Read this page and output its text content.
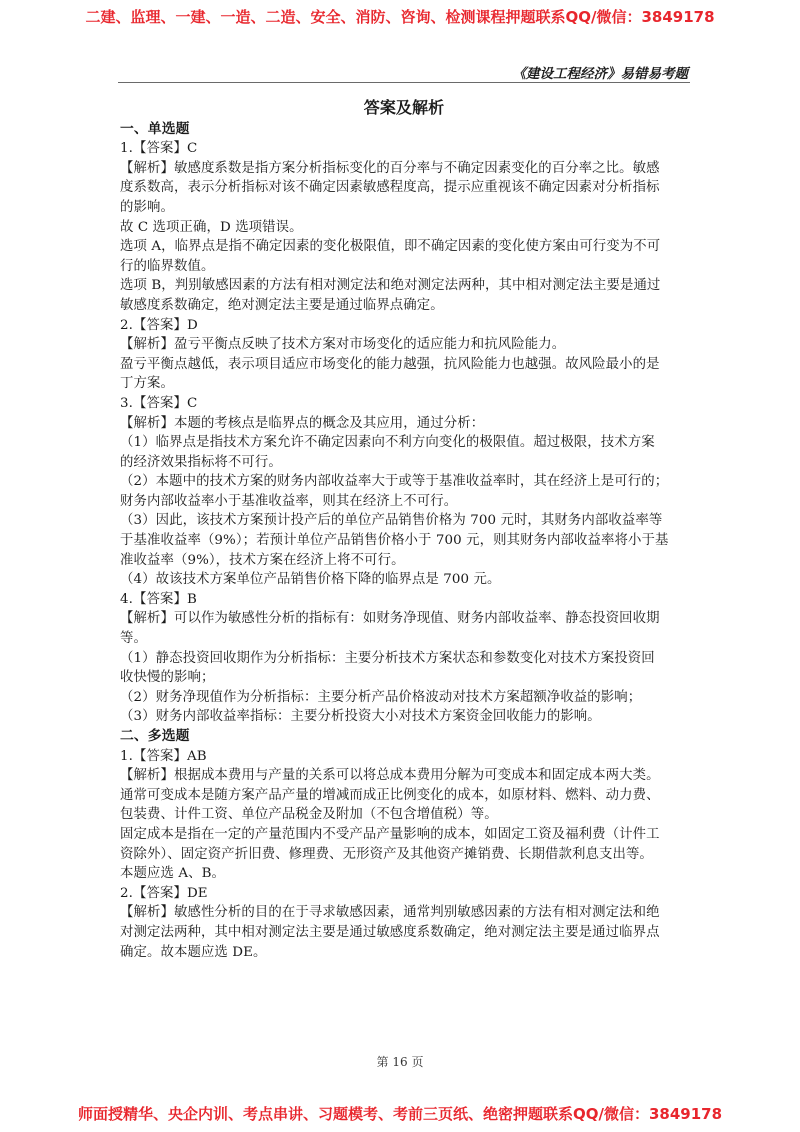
二建、监理、一建、一造、二造、安全、消防、咨询、检测课程押题联系QQ/微信：3849178
《建设工程经济》易错易考题
答案及解析
一、单选题
1.【答案】C
【解析】敏感度系数是指方案分析指标变化的百分率与不确定因素变化的百分率之比。敏感
度系数高，表示分析指标对该不确定因素敏感程度高，提示应重视该不确定因素对分析指标
的影响。
故 C 选项正确，D 选项错误。
选项 A，临界点是指不确定因素的变化极限值，即不确定因素的变化使方案由可行变为不可
行的临界数值。
选项 B，判别敏感因素的方法有相对测定法和绝对测定法两种，其中相对测定法主要是通过
敏感度系数确定，绝对测定法主要是通过临界点确定。
2.【答案】D
【解析】盈亏平衡点反映了技术方案对市场变化的适应能力和抗风险能力。
盈亏平衡点越低，表示项目适应市场变化的能力越强，抗风险能力也越强。故风险最小的是
丁方案。
3.【答案】C
【解析】本题的考核点是临界点的概念及其应用，通过分析：
（1）临界点是指技术方案允许不确定因素向不利方向变化的极限值。超过极限，技术方案
的经济效果指标将不可行。
（2）本题中的技术方案的财务内部收益率大于或等于基准收益率时，其在经济上是可行的；
财务内部收益率小于基准收益率，则其在经济上不可行。
（3）因此，该技术方案预计投产后的单位产品销售价格为 700 元时，其财务内部收益率等
于基准收益率（9%）；若预计单位产品销售价格小于 700 元，则其财务内部收益率将小于基
准收益率（9%），技术方案在经济上将不可行。
（4）故该技术方案单位产品销售价格下降的临界点是 700 元。
4.【答案】B
【解析】可以作为敏感性分析的指标有：如财务净现值、财务内部收益率、静态投资回收期
等。
（1）静态投资回收期作为分析指标：主要分析技术方案状态和参数变化对技术方案投资回
收快慢的影响；
（2）财务净现值作为分析指标：主要分析产品价格波动对技术方案超额净收益的影响；
（3）财务内部收益率指标：主要分析投资大小对技术方案资金回收能力的影响。
二、多选题
1.【答案】AB
【解析】根据成本费用与产量的关系可以将总成本费用分解为可变成本和固定成本两大类。
通常可变成本是随方案产品产量的增减而成正比例变化的成本，如原材料、燃料、动力费、
包装费、计件工资、单位产品税金及附加（不包含增值税）等。
固定成本是指在一定的产量范围内不受产品产量影响的成本，如固定工资及福利费（计件工
资除外）、固定资产折旧费、修理费、无形资产及其他资产摊销费、长期借款利息支出等。
本题应选 A、B。
2.【答案】DE
【解析】敏感性分析的目的在于寻求敏感因素，通常判别敏感因素的方法有相对测定法和绝
对测定法两种，其中相对测定法主要是通过敏感度系数确定，绝对测定法主要是通过临界点
确定。故本题应选 DE。
第 16 页
师面授精华、央企内训、考点串讲、习题模考、考前三页纸、绝密押题联系QQ/微信：3849178
